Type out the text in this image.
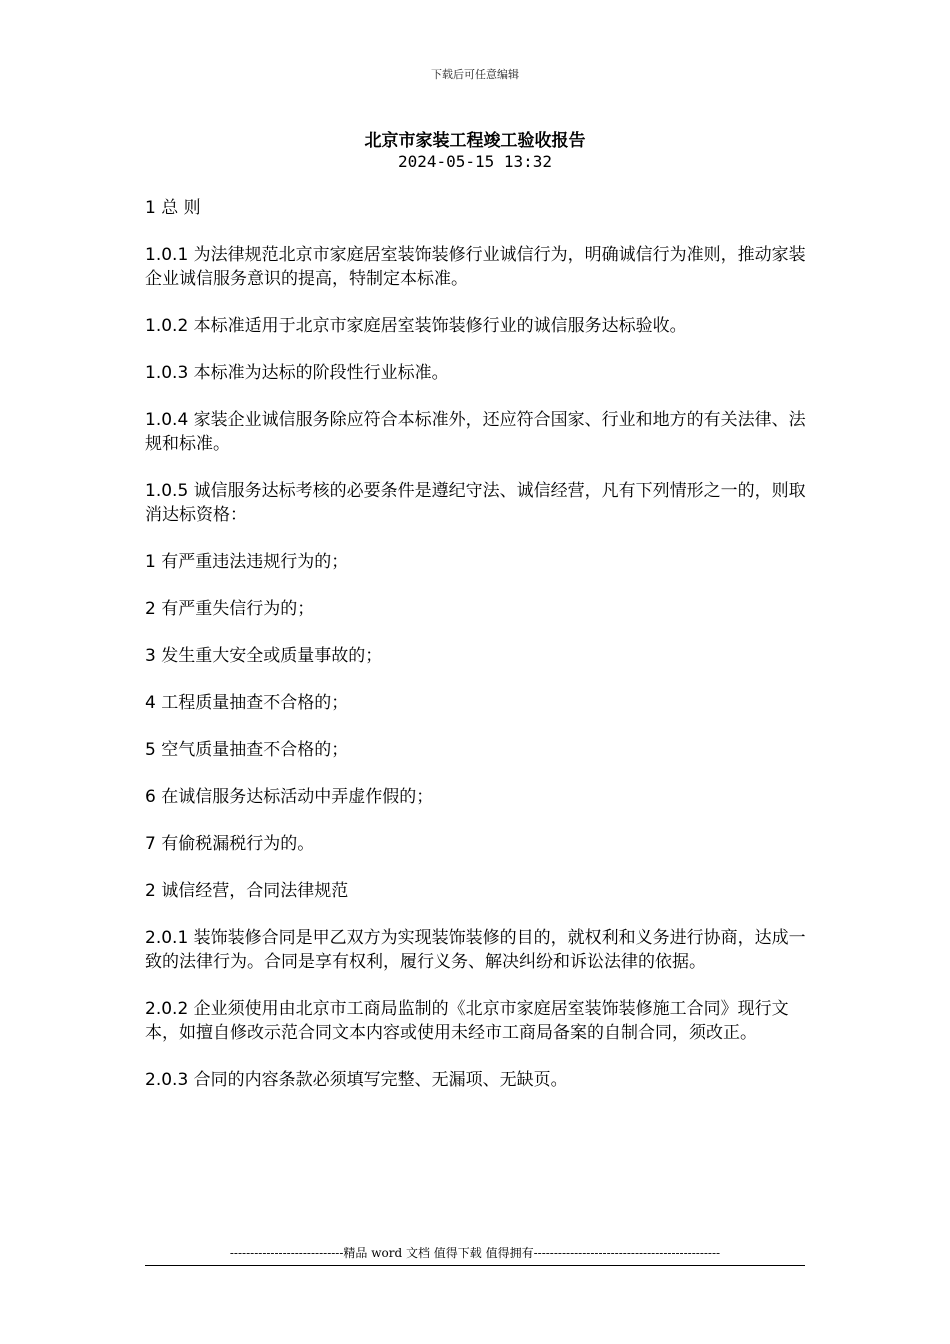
下载后可任意编辑
北京市家装工程竣工验收报告
2024-05-15 13:32

1 总 则

1.0.1 为法律规范北京市家庭居室装饰装修行业诚信行为，明确诚信行为准则，推动家装企业诚信服务意识的提高，特制定本标准。

1.0.2 本标准适用于北京市家庭居室装饰装修行业的诚信服务达标验收。

1.0.3 本标准为达标的阶段性行业标准。

1.0.4 家装企业诚信服务除应符合本标准外，还应符合国家、行业和地方的有关法律、法规和标准。

1.0.5 诚信服务达标考核的必要条件是遵纪守法、诚信经营，凡有下列情形之一的，则取消达标资格：

1 有严重违法违规行为的；

2 有严重失信行为的；

3 发生重大安全或质量事故的；

4 工程质量抽查不合格的；

5 空气质量抽查不合格的；

6 在诚信服务达标活动中弄虚作假的；

7 有偷税漏税行为的。

2 诚信经营，合同法律规范

2.0.1 装饰装修合同是甲乙双方为实现装饰装修的目的，就权利和义务进行协商，达成一致的法律行为。合同是享有权利，履行义务、解决纠纷和诉讼法律的依据。

2.0.2 企业须使用由北京市工商局监制的《北京市家庭居室装饰装修施工合同》现行文本，如擅自修改示范合同文本内容或使用未经市工商局备案的自制合同，须改正。

2.0.3 合同的内容条款必须填写完整、无漏项、无缺页。

----------------------------精品 word 文档 值得下载 值得拥有----------------------------------------------
